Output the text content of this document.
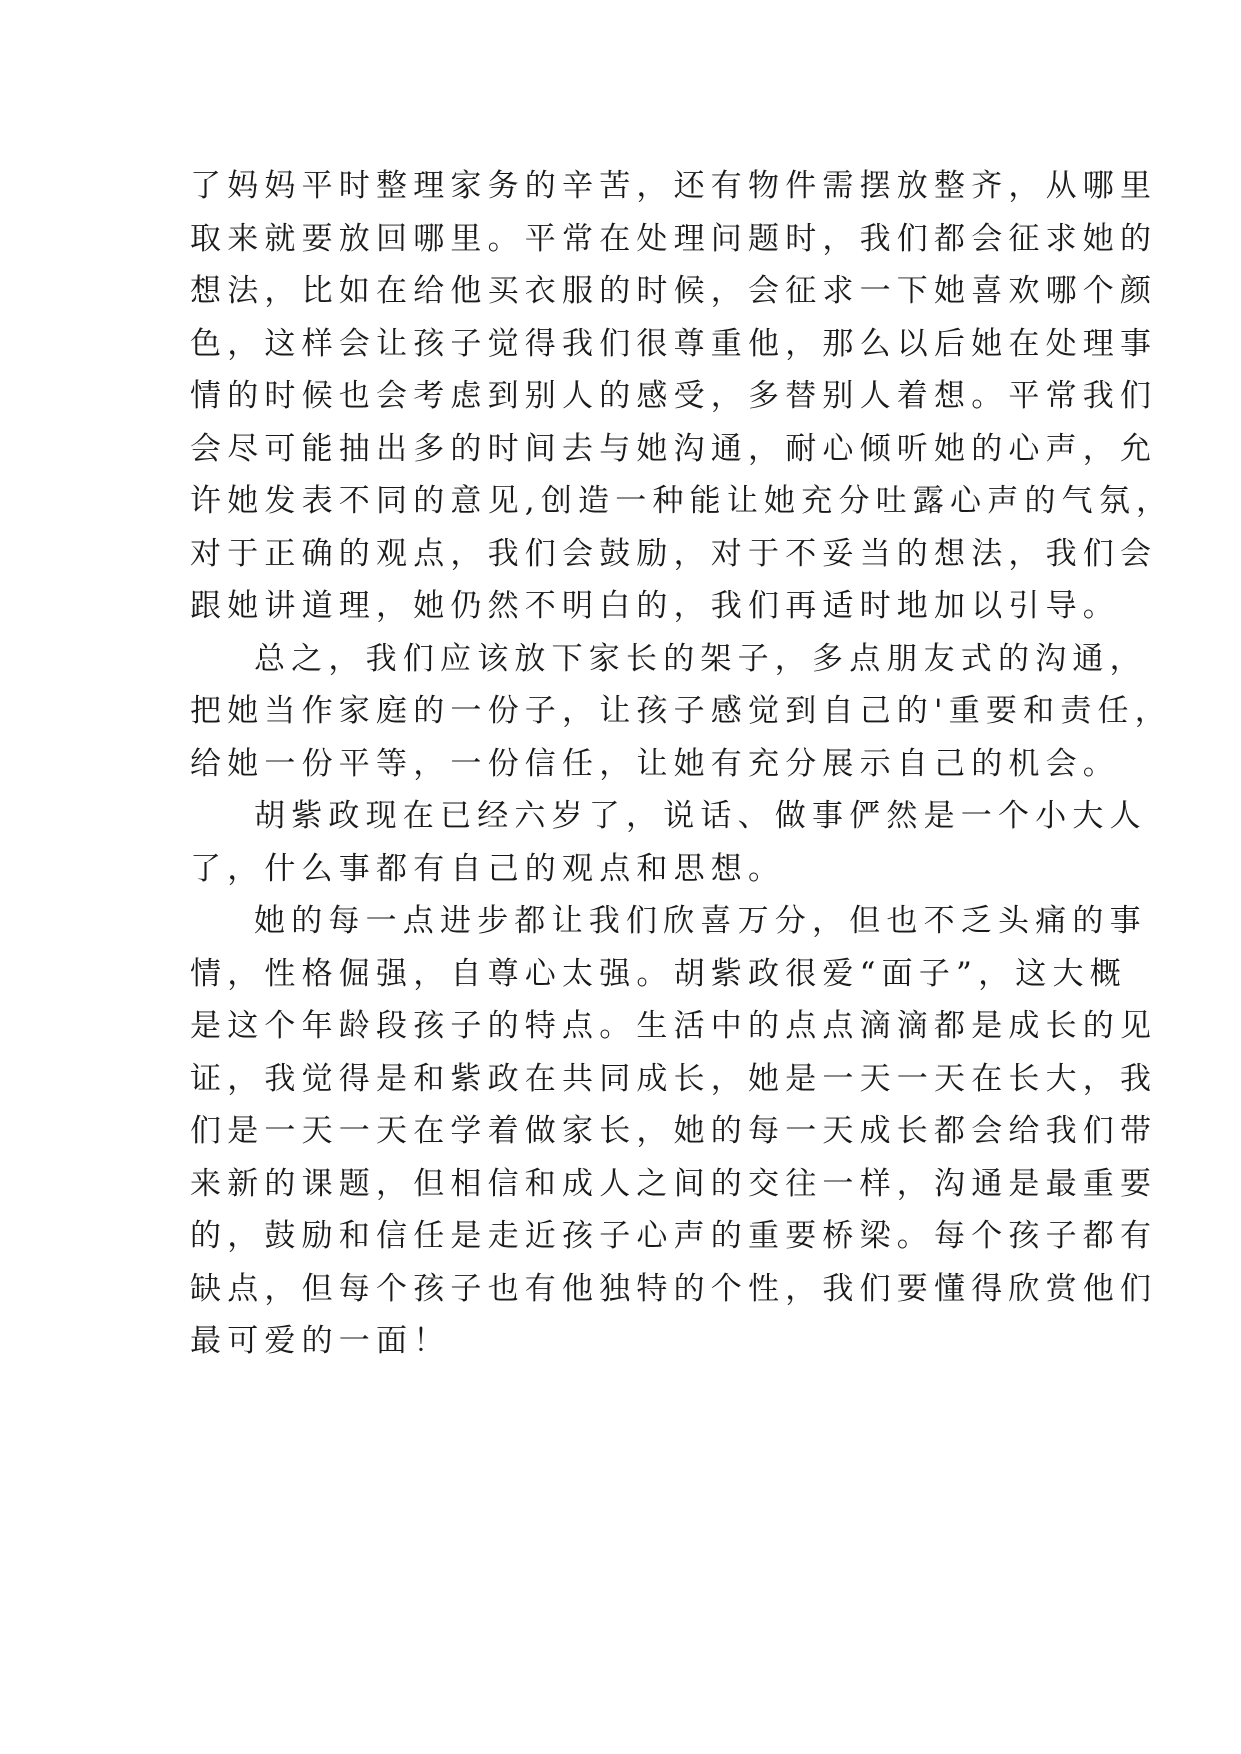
了妈妈平时整理家务的辛苦，还有物件需摆放整齐，从哪里
取来就要放回哪里。平常在处理问题时，我们都会征求她的
想法，比如在给他买衣服的时候，会征求一下她喜欢哪个颜
色，这样会让孩子觉得我们很尊重他，那么以后她在处理事
情的时候也会考虑到别人的感受，多替别人着想。平常我们
会尽可能抽出多的时间去与她沟通，耐心倾听她的心声，允
许她发表不同的意见,创造一种能让她充分吐露心声的气氛，
对于正确的观点，我们会鼓励，对于不妥当的想法，我们会
跟她讲道理，她仍然不明白的，我们再适时地加以引导。
总之，我们应该放下家长的架子，多点朋友式的沟通，
把她当作家庭的一份子，让孩子感觉到自己的'重要和责任，
给她一份平等，一份信任，让她有充分展示自己的机会。
胡紫政现在已经六岁了，说话、做事俨然是一个小大人
了，什么事都有自己的观点和思想。
她的每一点进步都让我们欣喜万分，但也不乏头痛的事
情，性格倔强，自尊心太强。胡紫政很爱“面子”，这大概
是这个年龄段孩子的特点。生活中的点点滴滴都是成长的见
证，我觉得是和紫政在共同成长，她是一天一天在长大，我
们是一天一天在学着做家长，她的每一天成长都会给我们带
来新的课题，但相信和成人之间的交往一样，沟通是最重要
的，鼓励和信任是走近孩子心声的重要桥梁。每个孩子都有
缺点，但每个孩子也有他独特的个性，我们要懂得欣赏他们
最可爱的一面！
